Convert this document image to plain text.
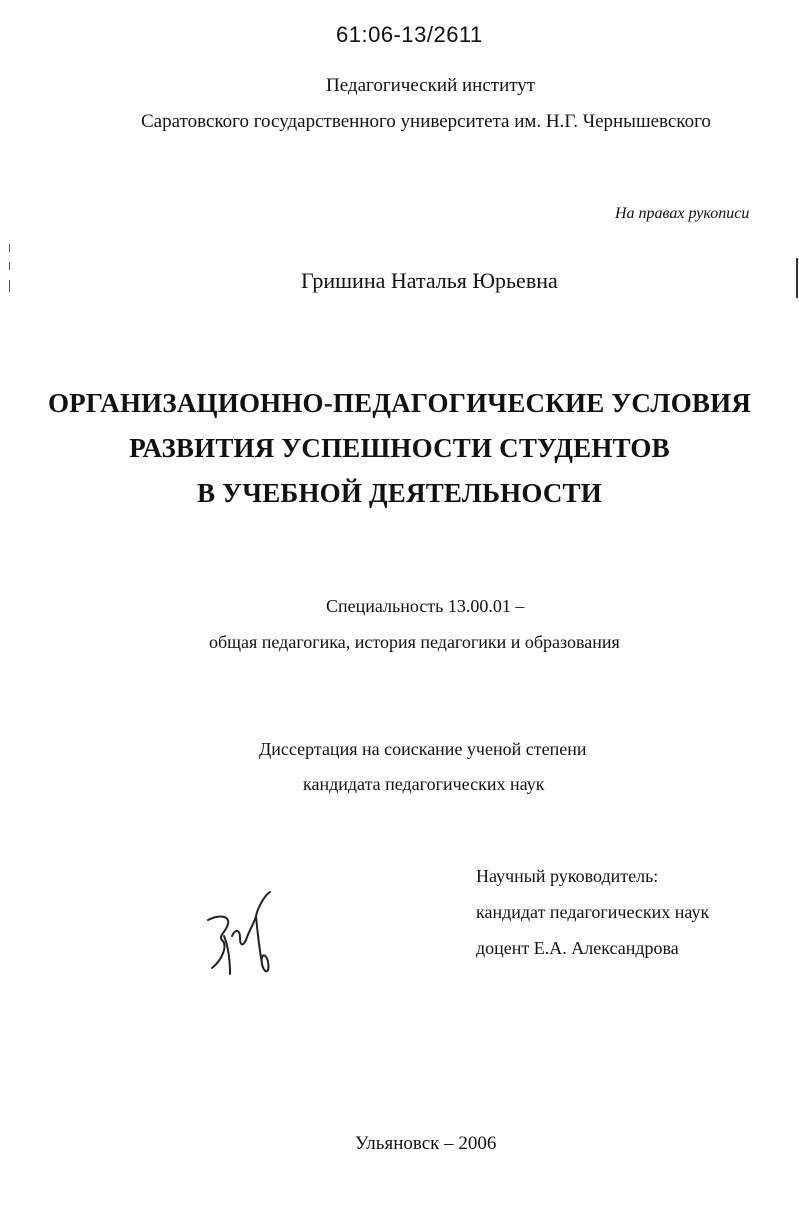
61:06-13/2611
Педагогический институт
Саратовского государственного университета им. Н.Г. Чернышевского
На правах рукописи
Гришина Наталья Юрьевна
ОРГАНИЗАЦИОННО-ПЕДАГОГИЧЕСКИЕ УСЛОВИЯ
РАЗВИТИЯ УСПЕШНОСТИ СТУДЕНТОВ
В УЧЕБНОЙ ДЕЯТЕЛЬНОСТИ
Специальность 13.00.01 –
общая педагогика, история педагогики и образования
Диссертация на соискание ученой степени
кандидата педагогических наук
Научный руководитель:
кандидат педагогических наук
доцент Е.А. Александрова
Ульяновск – 2006
